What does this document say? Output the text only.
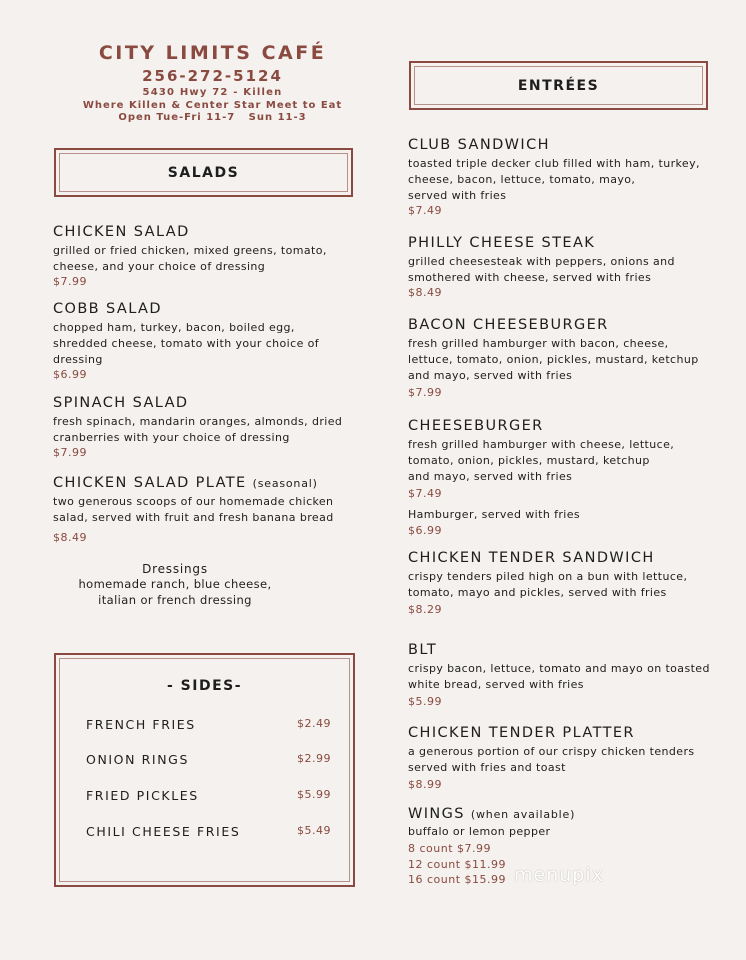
CITY LIMITS CAFÉ
256-272-5124
5430 Hwy 72 - Killen
Where Killen & Center Star Meet to Eat
Open Tue-Fri 11-7   Sun 11-3
SALADS
CHICKEN SALAD
grilled or fried chicken, mixed greens, tomato,
cheese, and your choice of dressing
$7.99
COBB SALAD
chopped ham, turkey, bacon, boiled egg,
shredded cheese, tomato with your choice of
dressing
$6.99
SPINACH SALAD
fresh spinach, mandarin oranges, almonds, dried
cranberries with your choice of dressing
$7.99
CHICKEN SALAD PLATE (seasonal)
two generous scoops of our homemade chicken
salad, served with fruit and fresh banana bread
$8.49
Dressings
homemade ranch, blue cheese,
italian or french dressing
- SIDES-
FRENCH FRIES	$2.49
ONION RINGS	$2.99
FRIED PICKLES	$5.99
CHILI CHEESE FRIES	$5.49
ENTRÉES
CLUB SANDWICH
toasted triple decker club filled with ham, turkey,
cheese, bacon, lettuce, tomato, mayo,
served with fries
$7.49
PHILLY CHEESE STEAK
grilled cheesesteak with peppers, onions and
smothered with cheese, served with fries
$8.49
BACON CHEESEBURGER
fresh grilled hamburger with bacon, cheese,
lettuce, tomato, onion, pickles, mustard, ketchup
and mayo, served with fries
$7.99
CHEESEBURGER
fresh grilled hamburger with cheese, lettuce,
tomato, onion, pickles, mustard, ketchup
and mayo, served with fries
$7.49
Hamburger, served with fries
$6.99
CHICKEN TENDER SANDWICH
crispy tenders piled high on a bun with lettuce,
tomato, mayo and pickles, served with fries
$8.29
BLT
crispy bacon, lettuce, tomato and mayo on toasted
white bread, served with fries
$5.99
CHICKEN TENDER PLATTER
a generous portion of our crispy chicken tenders
served with fries and toast
$8.99
WINGS (when available)
buffalo or lemon pepper
8 count $7.99
12 count $11.99
16 count $15.99 menupix
